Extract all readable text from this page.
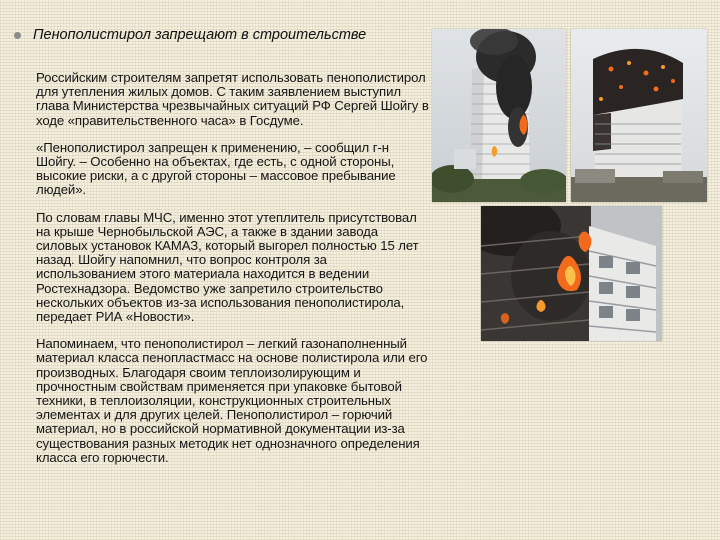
Пенополистирол запрещают в строительстве

Российским строителям запретят использовать пенополистирол для утепления жилых домов. С таким заявлением выступил глава Министерства чрезвычайных ситуаций РФ Сергей Шойгу в ходе «правительственного часа» в Госдуме.

«Пенополистирол запрещен к применению, – сообщил г-н Шойгу. – Особенно на объектах, где есть, с одной стороны, высокие риски, а с другой стороны – массовое пребывание людей».

По словам главы МЧС, именно этот утеплитель присутствовал на крыше Чернобыльской АЭС, а также в здании завода силовых установок КАМАЗ, который выгорел полностью 15 лет назад. Шойгу напомнил, что вопрос контроля за использованием этого материала находится в ведении Ростехнадзора. Ведомство уже запретило строительство нескольких объектов из-за использования пенополистирола, передает РИА «Новости».

Напоминаем, что пенополистирол – легкий газонаполненный материал класса пенопластмасс на основе полистирола или его производных. Благодаря своим теплоизолирующим и прочностным свойствам применяется при упаковке бытовой техники, в теплоизоляции, конструкционных строительных элементах и для других целей. Пенополистирол – горючий материал, но в российской нормативной документации из-за существования разных методик нет однозначного определения класса его горючести.
